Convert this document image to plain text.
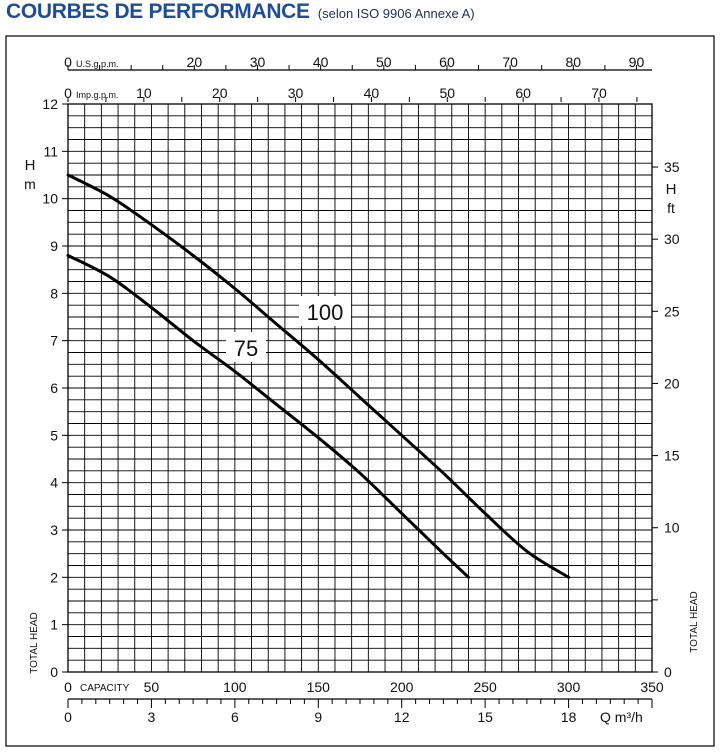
COURBES DE PERFORMANCE (selon ISO 9906 Annexe A)
0
1
2
3
4
5
6
7
8
9
10
11
12
H
m
TOTAL HEAD	0
10
15
20
25
30
35
H
ft
TOTAL HEAD
0	50	100	150	200	250	300	350
CAPACITY
0	3	6	9	12	15	18 Q m³/h
20	30	40	50	60	70	80	90
0 U.S.g.p.m.
10	20	30	40	50	60	70
0 Imp.g.p.m.
100
75
